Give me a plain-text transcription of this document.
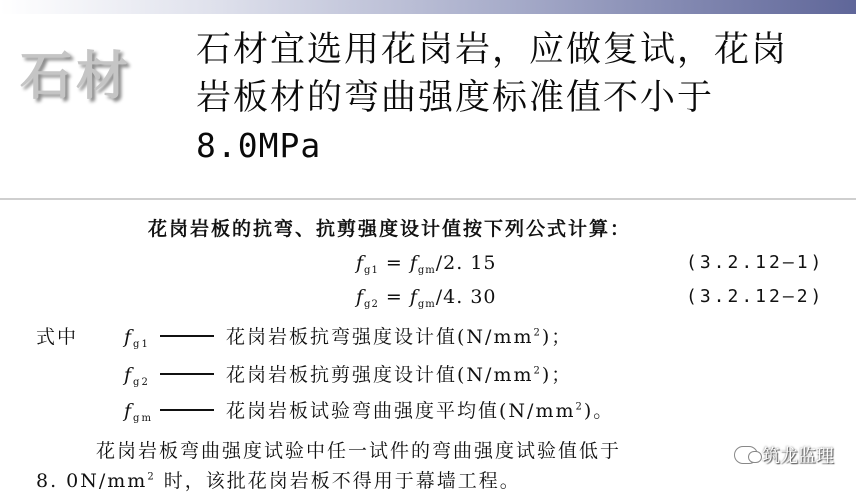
石材 石材宜选用花岗岩，应做复试，花岗
岩板材的弯曲强度标准值不小于
8.0MPa
花岗岩板的抗弯、抗剪强度设计值按下列公式计算：
$f_{g1} = f_{gm}/2$. 15	(3.2.12—1)
$f_{g2} = f_{gm}/4$. 30	(3.2.12—2)
式中 $f_{g1}$	花岗岩板抗弯强度设计值$(N/mm^2)$；
$f_{g2}$	花岗岩板抗剪强度设计值$(N/mm^2)$；
$f_{gm}$	花岗岩板试验弯曲强度平均值$(N/mm^2)$。
花岗岩板弯曲强度试验中任一试件的弯曲强度试验值低于
8. $0N/mm^2$ 时，该批花岗岩板不得用于幕墙工程。
筑龙监理
